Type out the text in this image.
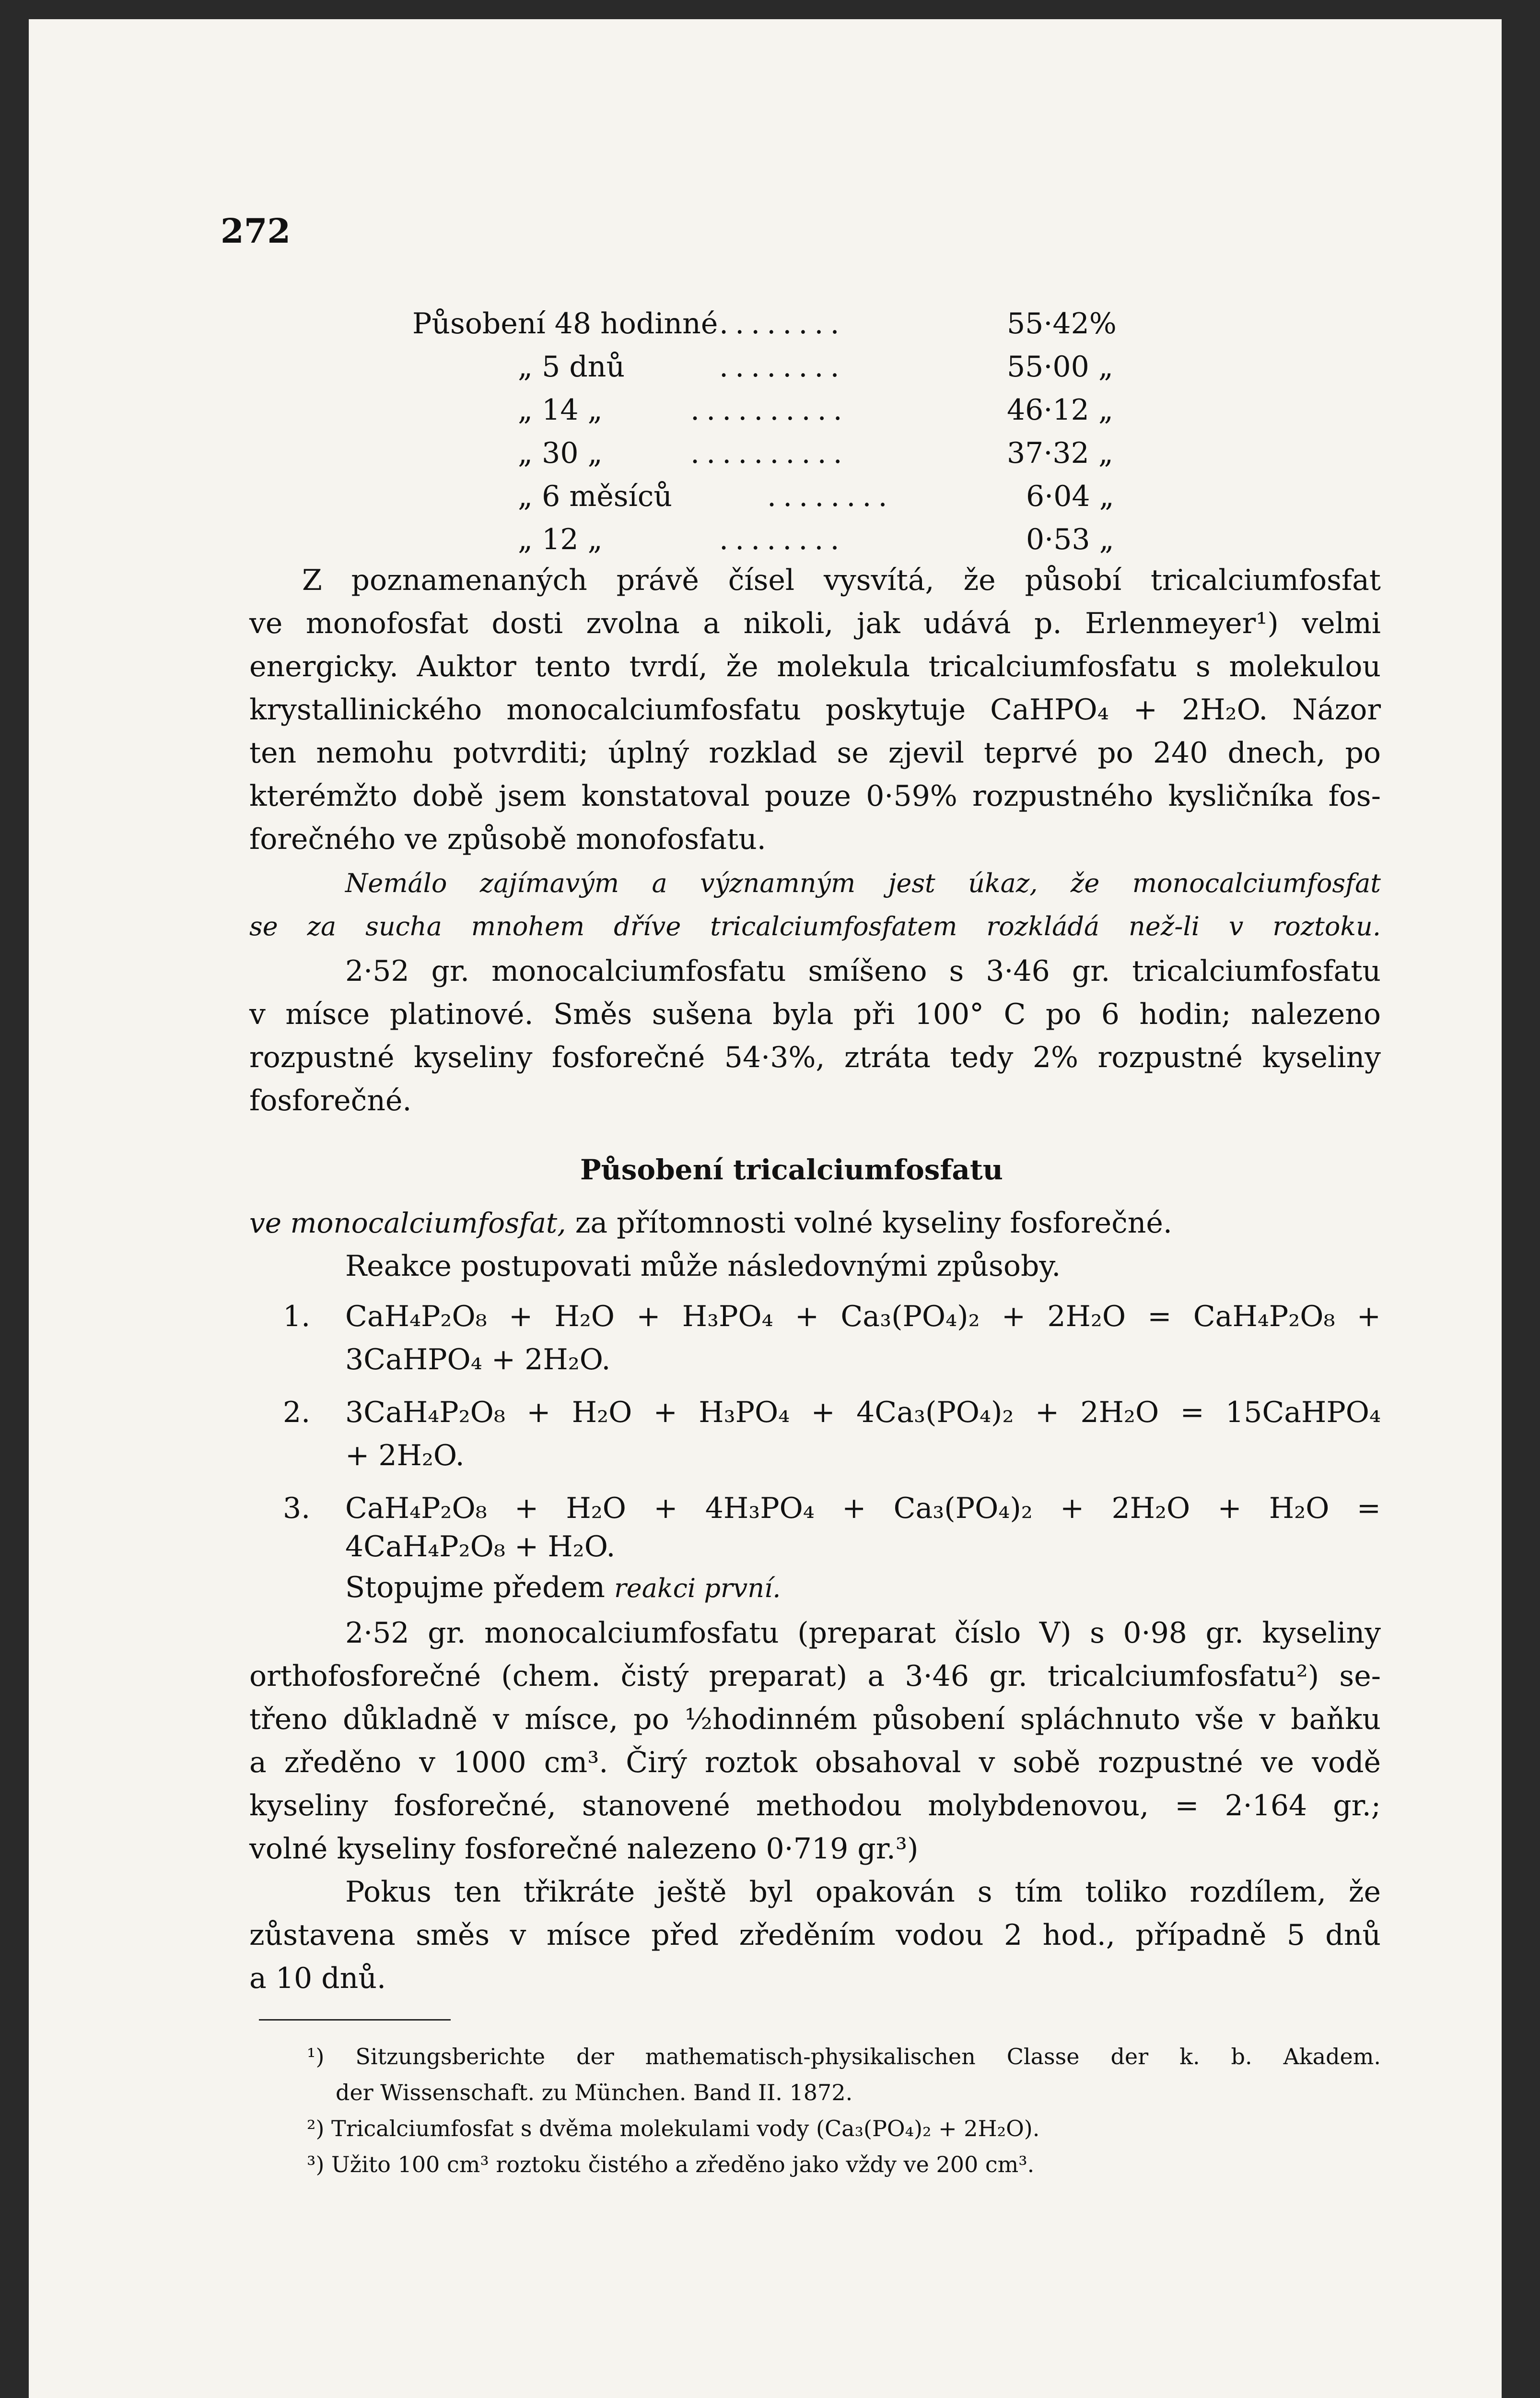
272
Působení 48 hodinné ........	55·42%
„ 5 dnů	........	55·00 „
„ 14 „	..........	46·12 „
„ 30 „	..........	37·32 „
„ 6 měsíců	........	6·04 „
„ 12 „	........	0·53 „
Z poznamenaných právě čísel vysvítá, že působí tricalciumfosfat
ve monofosfat dosti zvolna a nikoli, jak udává p. Erlenmeyer¹) velmi
energicky. Auktor tento tvrdí, že molekula tricalciumfosfatu s molekulou
krystallinického monocalciumfosfatu poskytuje CaHPO₄ + 2H₂O. Názor
ten nemohu potvrditi; úplný rozklad se zjevil teprvé po 240 dnech, po
kterémžto době jsem konstatoval pouze 0·59% rozpustného kysličníka fos-
forečného ve způsobě monofosfatu.
Nemálo zajímavým a významným jest úkaz, že monocalciumfosfat
se za sucha mnohem dříve tricalciumfosfatem rozkládá než-li v roztoku.
2·52 gr. monocalciumfosfatu smíšeno s 3·46 gr. tricalciumfosfatu
v mísce platinové. Směs sušena byla při 100° C po 6 hodin; nalezeno
rozpustné kyseliny fosforečné 54·3%, ztráta tedy 2% rozpustné kyseliny
fosforečné.
Působení tricalciumfosfatu
ve monocalciumfosfat, za přítomnosti volné kyseliny fosforečné.
Reakce postupovati může následovnými způsoby.
1. CaH₄P₂O₈ + H₂O + H₃PO₄ + Ca₃(PO₄)₂ + 2H₂O = CaH₄P₂O₈ +
3CaHPO₄ + 2H₂O.
2. 3CaH₄P₂O₈ + H₂O + H₃PO₄ + 4Ca₃(PO₄)₂ + 2H₂O = 15CaHPO₄
+ 2H₂O.
3. CaH₄P₂O₈ + H₂O + 4H₃PO₄ + Ca₃(PO₄)₂ + 2H₂O + H₂O =
4CaH₄P₂O₈ + H₂O.
Stopujme předem reakci první.
2·52 gr. monocalciumfosfatu (preparat číslo V) s 0·98 gr. kyseliny
orthofosforečné (chem. čistý preparat) a 3·46 gr. tricalciumfosfatu²) se-
třeno důkladně v mísce, po ½hodinném působení spláchnuto vše v baňku
a zředěno v 1000 cm³. Čirý roztok obsahoval v sobě rozpustné ve vodě
kyseliny fosforečné, stanovené methodou molybdenovou, = 2·164 gr.;
volné kyseliny fosforečné nalezeno 0·719 gr.³)
Pokus ten třikráte ještě byl opakován s tím toliko rozdílem, že
zůstavena směs v mísce před zředěním vodou 2 hod., případně 5 dnů
a 10 dnů.
¹) Sitzungsberichte der mathematisch-physikalischen Classe der k. b. Akadem.
der Wissenschaft. zu München. Band II. 1872.
²) Tricalciumfosfat s dvěma molekulami vody (Ca₃(PO₄)₂ + 2H₂O).
³) Užito 100 cm³ roztoku čistého a zředěno jako vždy ve 200 cm³.
